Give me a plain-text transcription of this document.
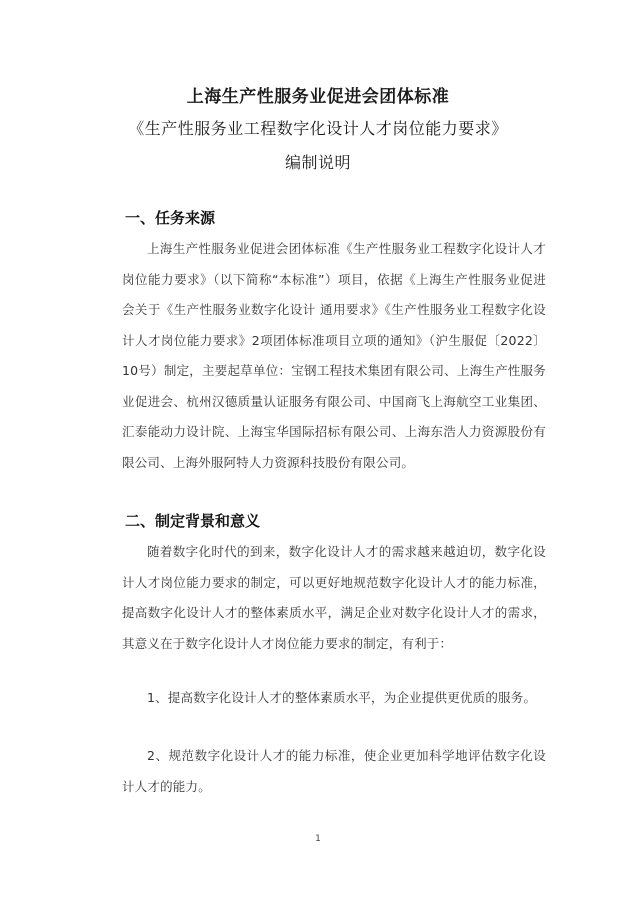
上海生产性服务业促进会团体标准
《生产性服务业工程数字化设计人才岗位能力要求》
编制说明
一、任务来源
上海生产性服务业促进会团体标准《生产性服务业工程数字化设计人才岗位能力要求》（以下简称“本标准”）项目，依据《上海生产性服务业促进会关于《生产性服务业数字化设计 通用要求》《生产性服务业工程数字化设计人才岗位能力要求》2项团体标准项目立项的通知》（沪生服促〔2022〕10号）制定，主要起草单位：宝钢工程技术集团有限公司、上海生产性服务业促进会、杭州汉德质量认证服务有限公司、中国商飞上海航空工业集团、汇泰能动力设计院、上海宝华国际招标有限公司、上海东浩人力资源股份有限公司、上海外服阿特人力资源科技股份有限公司。
二、制定背景和意义
随着数字化时代的到来，数字化设计人才的需求越来越迫切，数字化设计人才岗位能力要求的制定，可以更好地规范数字化设计人才的能力标准，提高数字化设计人才的整体素质水平，满足企业对数字化设计人才的需求，其意义在于数字化设计人才岗位能力要求的制定，有利于：
1、提高数字化设计人才的整体素质水平，为企业提供更优质的服务。
2、规范数字化设计人才的能力标准，使企业更加科学地评估数字化设计人才的能力。
1
